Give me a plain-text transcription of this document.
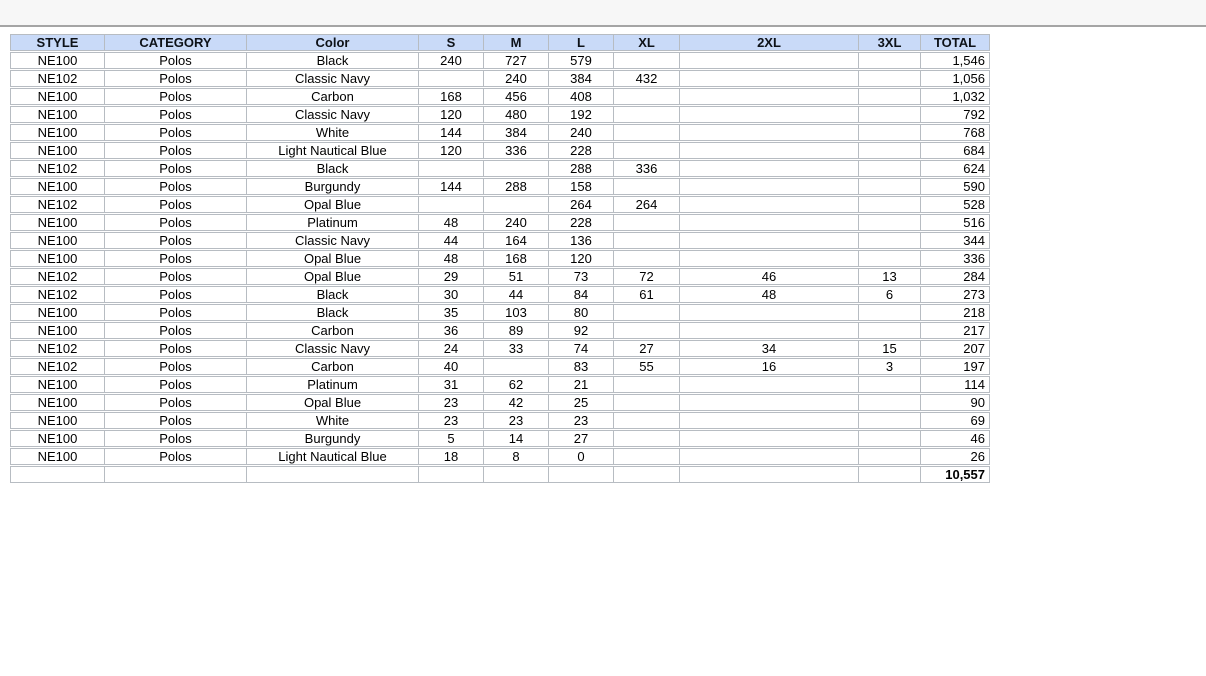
STYLE	CATEGORY	Color	S	M	L	XL	2XL	3XL	TOTAL
NE100	Polos	Black	240	727	579				1,546
NE102	Polos	Classic Navy		240	384	432			1,056
NE100	Polos	Carbon	168	456	408				1,032
NE100	Polos	Classic Navy	120	480	192				792
NE100	Polos	White	144	384	240				768
NE100	Polos	Light Nautical Blue	120	336	228				684
NE102	Polos	Black			288	336			624
NE100	Polos	Burgundy	144	288	158				590
NE102	Polos	Opal Blue			264	264			528
NE100	Polos	Platinum	48	240	228				516
NE100	Polos	Classic Navy	44	164	136				344
NE100	Polos	Opal Blue	48	168	120				336
NE102	Polos	Opal Blue	29	51	73	72	46	13	284
NE102	Polos	Black	30	44	84	61	48	6	273
NE100	Polos	Black	35	103	80				218
NE100	Polos	Carbon	36	89	92				217
NE102	Polos	Classic Navy	24	33	74	27	34	15	207
NE102	Polos	Carbon	40		83	55	16	3	197
NE100	Polos	Platinum	31	62	21				114
NE100	Polos	Opal Blue	23	42	25				90
NE100	Polos	White	23	23	23				69
NE100	Polos	Burgundy	5	14	27				46
NE100	Polos	Light Nautical Blue	18	8	0				26
									10,557
